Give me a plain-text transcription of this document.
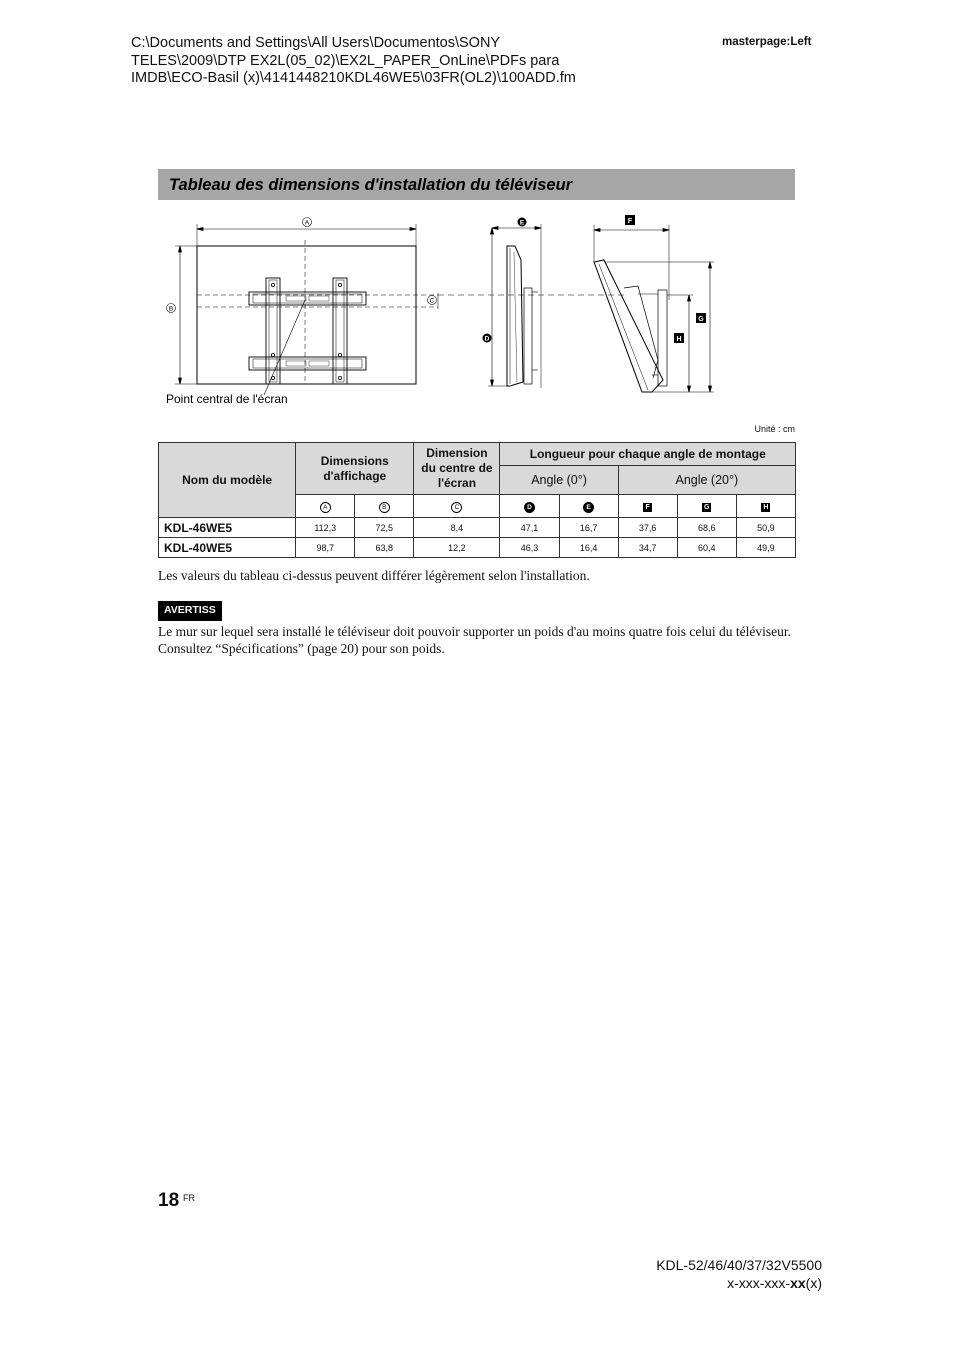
C:\Documents and Settings\All Users\Documentos\SONY
TELES\2009\DTP EX2L(05_02)\EX2L_PAPER_OnLine\PDFs para
IMDB\ECO-Basil (x)\4141448210KDL46WE5\03FR(OL2)\100ADD.fm
masterpage:Left
Tableau des dimensions d'installation du téléviseur
A
B
C
D
E	F
G
H
Point central de l'écran
Unité : cm
Nom du modèle	Dimensions d'affichage		Dimension du centre de l'écran	Longueur pour chaque angle de montage				
				Angle (0°)		Angle (20°)		
	A	B	C	D	E	F	G	H
KDL-46WE5	112,3	72,5	8,4	47,1	16,7	37,6	68,6	50,9
KDL-40WE5	98,7	63,8	12,2	46,3	16,4	34,7	60,4	49,9
Les valeurs du tableau ci-dessus peuvent différer légèrement selon l'installation.
AVERTISS
Le mur sur lequel sera installé le téléviseur doit pouvoir supporter un poids d'au moins quatre fois celui du téléviseur. Consultez “Spécifications” (page 20) pour son poids.
18 FR
KDL-52/46/40/37/32V5500
x-xxx-xxx-xx(x)
